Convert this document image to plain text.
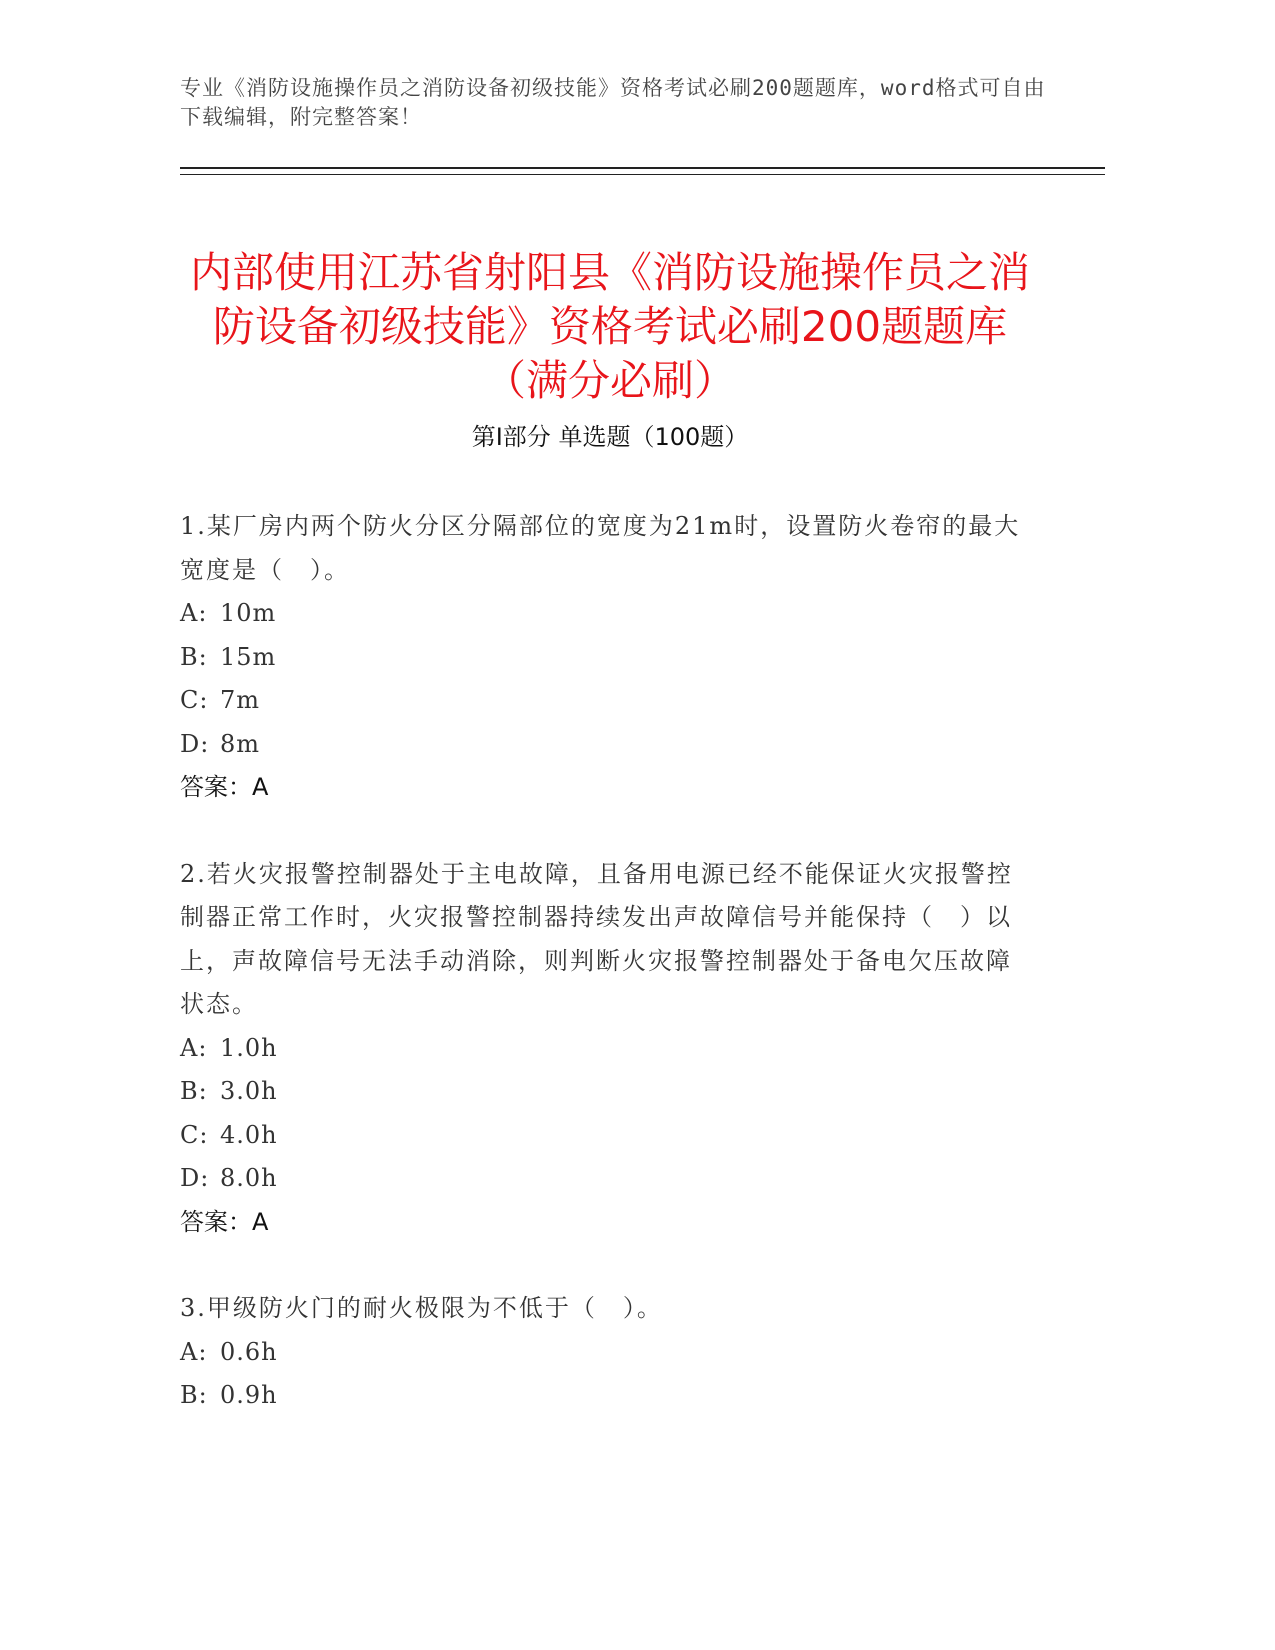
专业《消防设施操作员之消防设备初级技能》资格考试必刷200题题库，word格式可自由下载编辑，附完整答案！
内部使用江苏省射阳县《消防设施操作员之消防设备初级技能》资格考试必刷200题题库（满分必刷）
第I部分 单选题（100题）

1.某厂房内两个防火分区分隔部位的宽度为21m时，设置防火卷帘的最大宽度是（　）。

A: 10m

B: 15m

C: 7m

D: 8m

答案：A

2.若火灾报警控制器处于主电故障，且备用电源已经不能保证火灾报警控制器正常工作时，火灾报警控制器持续发出声故障信号并能保持（　）以上，声故障信号无法手动消除，则判断火灾报警控制器处于备电欠压故障状态。

A: 1.0h

B: 3.0h

C: 4.0h

D: 8.0h

答案：A

3.甲级防火门的耐火极限为不低于（　）。

A: 0.6h

B: 0.9h
